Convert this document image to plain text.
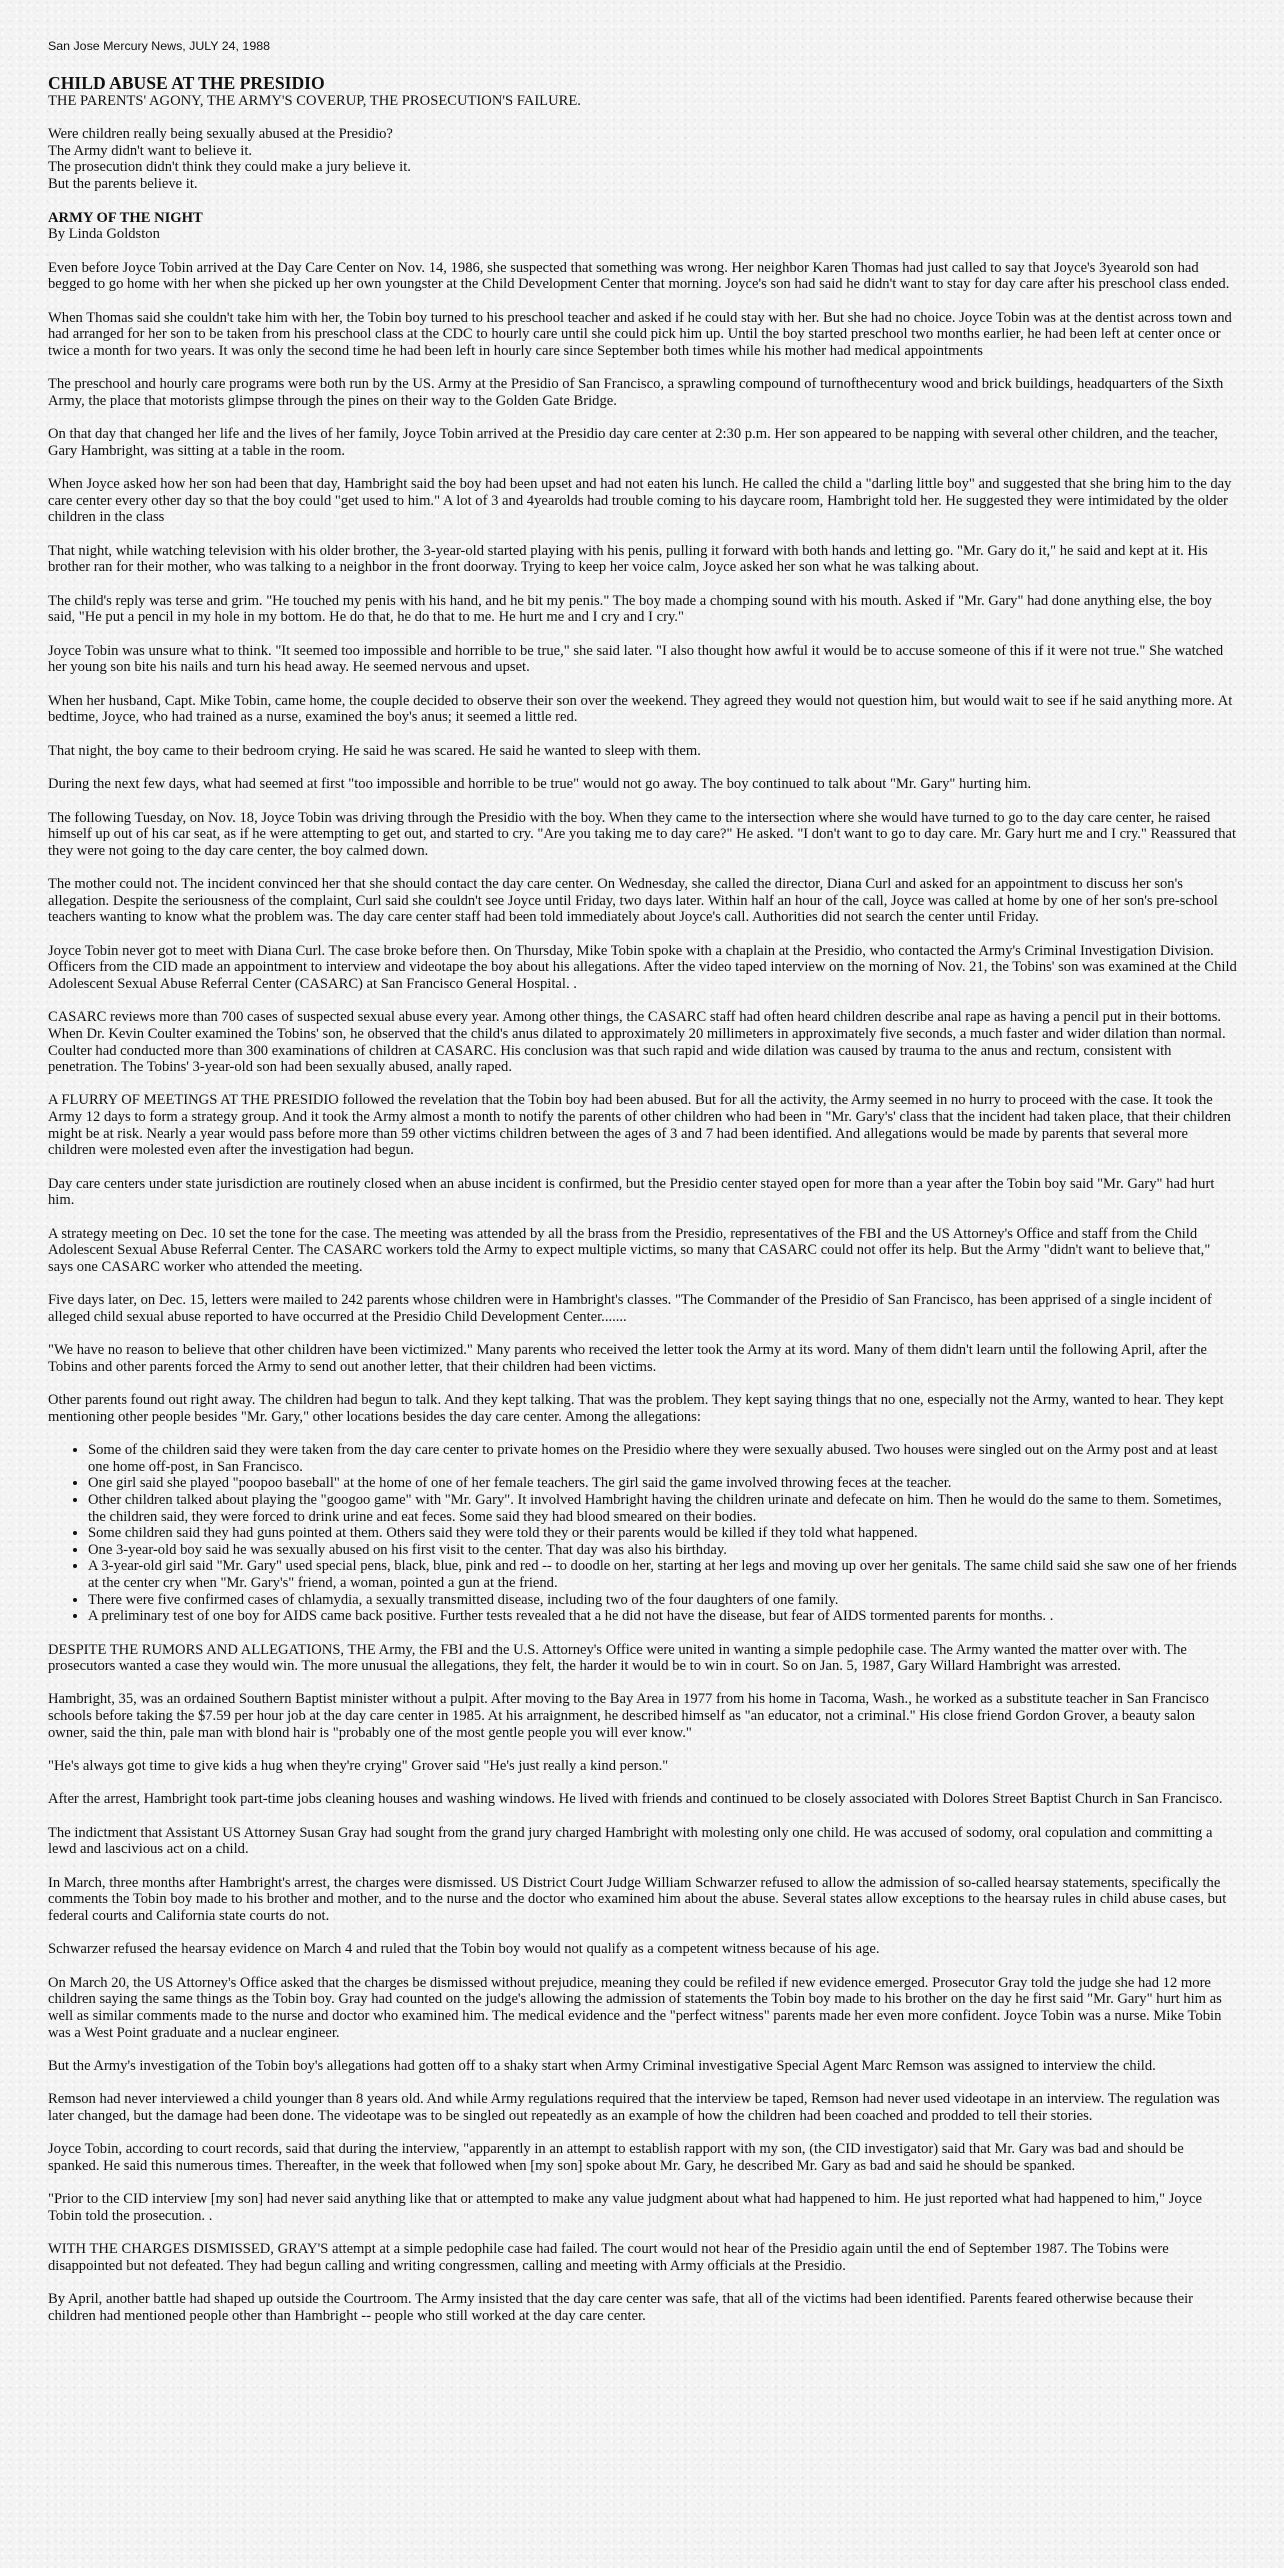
San Jose Mercury News, JULY 24, 1988
CHILD ABUSE AT THE PRESIDIO
THE PARENTS' AGONY, THE ARMY'S COVERUP, THE PROSECUTION'S FAILURE.

Were children really being sexually abused at the Presidio?

The Army didn't want to believe it.

The prosecution didn't think they could make a jury believe it.

But the parents believe it.

ARMY OF THE NIGHT
By Linda Goldston

Even before Joyce Tobin arrived at the Day Care Center on Nov. 14, 1986, she suspected that something was wrong. Her neighbor Karen Thomas had just called to say that Joyce's 3yearold son had begged to go home with her when she picked up her own youngster at the Child Development Center that morning. Joyce's son had said he didn't want to stay for day care after his preschool class ended.

When Thomas said she couldn't take him with her, the Tobin boy turned to his preschool teacher and asked if he could stay with her. But she had no choice. Joyce Tobin was at the dentist across town and had arranged for her son to be taken from his preschool class at the CDC to hourly care until she could pick him up. Until the boy started preschool two months earlier, he had been left at center once or twice a month for two years. It was only the second time he had been left in hourly care since September both times while his mother had medical appointments

The preschool and hourly care programs were both run by the US. Army at the Presidio of San Francisco, a sprawling compound of turnofthecentury wood and brick buildings, headquarters of the Sixth Army, the place that motorists glimpse through the pines on their way to the Golden Gate Bridge.

On that day that changed her life and the lives of her family, Joyce Tobin arrived at the Presidio day care center at 2:30 p.m. Her son appeared to be napping with several other children, and the teacher, Gary Hambright, was sitting at a table in the room.

When Joyce asked how her son had been that day, Hambright said the boy had been upset and had not eaten his lunch. He called the child a "darling little boy" and suggested that she bring him to the day care center every other day so that the boy could "get used to him." A lot of 3 and 4yearolds had trouble coming to his daycare room, Hambright told her. He suggested they were intimidated by the older children in the class

That night, while watching television with his older brother, the 3-year-old started playing with his penis, pulling it forward with both hands and letting go. "Mr. Gary do it," he said and kept at it. His brother ran for their mother, who was talking to a neighbor in the front doorway. Trying to keep her voice calm, Joyce asked her son what he was talking about.

The child's reply was terse and grim. "He touched my penis with his hand, and he bit my penis." The boy made a chomping sound with his mouth. Asked if "Mr. Gary" had done anything else, the boy said, "He put a pencil in my hole in my bottom. He do that, he do that to me. He hurt me and I cry and I cry."

Joyce Tobin was unsure what to think. "It seemed too impossible and horrible to be true," she said later. "I also thought how awful it would be to accuse someone of this if it were not true." She watched her young son bite his nails and turn his head away. He seemed nervous and upset.

When her husband, Capt. Mike Tobin, came home, the couple decided to observe their son over the weekend. They agreed they would not question him, but would wait to see if he said anything more. At bedtime, Joyce, who had trained as a nurse, examined the boy's anus; it seemed a little red.

That night, the boy came to their bedroom crying. He said he was scared. He said he wanted to sleep with them.

During the next few days, what had seemed at first "too impossible and horrible to be true" would not go away. The boy continued to talk about "Mr. Gary" hurting him.

The following Tuesday, on Nov. 18, Joyce Tobin was driving through the Presidio with the boy. When they came to the intersection where she would have turned to go to the day care center, he raised himself up out of his car seat, as if he were attempting to get out, and started to cry. "Are you taking me to day care?" He asked. "I don't want to go to day care. Mr. Gary hurt me and I cry." Reassured that they were not going to the day care center, the boy calmed down.

The mother could not. The incident convinced her that she should contact the day care center. On Wednesday, she called the director, Diana Curl and asked for an appointment to discuss her son's allegation. Despite the seriousness of the complaint, Curl said she couldn't see Joyce until Friday, two days later. Within half an hour of the call, Joyce was called at home by one of her son's pre-school teachers wanting to know what the problem was. The day care center staff had been told immediately about Joyce's call. Authorities did not search the center until Friday.

Joyce Tobin never got to meet with Diana Curl. The case broke before then. On Thursday, Mike Tobin spoke with a chaplain at the Presidio, who contacted the Army's Criminal Investigation Division. Officers from the CID made an appointment to interview and videotape the boy about his allegations. After the video taped interview on the morning of Nov. 21, the Tobins' son was examined at the Child Adolescent Sexual Abuse Referral Center (CASARC) at San Francisco General Hospital. .

CASARC reviews more than 700 cases of suspected sexual abuse every year. Among other things, the CASARC staff had often heard children describe anal rape as having a pencil put in their bottoms. When Dr. Kevin Coulter examined the Tobins' son, he observed that the child's anus dilated to approximately 20 millimeters in approximately five seconds, a much faster and wider dilation than normal. Coulter had conducted more than 300 examinations of children at CASARC. His conclusion was that such rapid and wide dilation was caused by trauma to the anus and rectum, consistent with penetration. The Tobins' 3-year-old son had been sexually abused, anally raped.

A FLURRY OF MEETINGS AT THE PRESIDIO followed the revelation that the Tobin boy had been abused. But for all the activity, the Army seemed in no hurry to proceed with the case. It took the Army 12 days to form a strategy group. And it took the Army almost a month to notify the parents of other children who had been in "Mr. Gary's' class that the incident had taken place, that their children might be at risk. Nearly a year would pass before more than 59 other victims children between the ages of 3 and 7 had been identified. And allegations would be made by parents that several more children were molested even after the investigation had begun.

Day care centers under state jurisdiction are routinely closed when an abuse incident is confirmed, but the Presidio center stayed open for more than a year after the Tobin boy said "Mr. Gary" had hurt him.

A strategy meeting on Dec. 10 set the tone for the case. The meeting was attended by all the brass from the Presidio, representatives of the FBI and the US Attorney's Office and staff from the Child Adolescent Sexual Abuse Referral Center. The CASARC workers told the Army to expect multiple victims, so many that CASARC could not offer its help. But the Army "didn't want to believe that," says one CASARC worker who attended the meeting.

Five days later, on Dec. 15, letters were mailed to 242 parents whose children were in Hambright's classes. "The Commander of the Presidio of San Francisco, has been apprised of a single incident of alleged child sexual abuse reported to have occurred at the Presidio Child Development Center.......

"We have no reason to believe that other children have been victimized." Many parents who received the letter took the Army at its word. Many of them didn't learn until the following April, after the Tobins and other parents forced the Army to send out another letter, that their children had been victims.

Other parents found out right away. The children had begun to talk. And they kept talking. That was the problem. They kept saying things that no one, especially not the Army, wanted to hear. They kept mentioning other people besides "Mr. Gary," other locations besides the day care center. Among the allegations:

• Some of the children said they were taken from the day care center to private homes on the Presidio where they were sexually abused. Two houses were singled out on the Army post and at least one home off-post, in San Francisco.
• One girl said she played "poopoo baseball" at the home of one of her female teachers. The girl said the game involved throwing feces at the teacher.
• Other children talked about playing the "googoo game" with "Mr. Gary". It involved Hambright having the children urinate and defecate on him. Then he would do the same to them. Sometimes, the children said, they were forced to drink urine and eat feces. Some said they had blood smeared on their bodies.
• Some children said they had guns pointed at them. Others said they were told they or their parents would be killed if they told what happened.
• One 3-year-old boy said he was sexually abused on his first visit to the center. That day was also his birthday.
• A 3-year-old girl said "Mr. Gary" used special pens, black, blue, pink and red -- to doodle on her, starting at her legs and moving up over her genitals. The same child said she saw one of her friends at the center cry when "Mr. Gary's" friend, a woman, pointed a gun at the friend.
• There were five confirmed cases of chlamydia, a sexually transmitted disease, including two of the four daughters of one family.
• A preliminary test of one boy for AIDS came back positive. Further tests revealed that a he did not have the disease, but fear of AIDS tormented parents for months. .

DESPITE THE RUMORS AND ALLEGATIONS, THE Army, the FBI and the U.S. Attorney's Office were united in wanting a simple pedophile case. The Army wanted the matter over with. The prosecutors wanted a case they would win. The more unusual the allegations, they felt, the harder it would be to win in court. So on Jan. 5, 1987, Gary Willard Hambright was arrested.

Hambright, 35, was an ordained Southern Baptist minister without a pulpit. After moving to the Bay Area in 1977 from his home in Tacoma, Wash., he worked as a substitute teacher in San Francisco schools before taking the $7.59 per hour job at the day care center in 1985. At his arraignment, he described himself as "an educator, not a criminal." His close friend Gordon Grover, a beauty salon owner, said the thin, pale man with blond hair is "probably one of the most gentle people you will ever know."

"He's always got time to give kids a hug when they're crying" Grover said "He's just really a kind person."

After the arrest, Hambright took part-time jobs cleaning houses and washing windows. He lived with friends and continued to be closely associated with Dolores Street Baptist Church in San Francisco.

The indictment that Assistant US Attorney Susan Gray had sought from the grand jury charged Hambright with molesting only one child. He was accused of sodomy, oral copulation and committing a lewd and lascivious act on a child.

In March, three months after Hambright's arrest, the charges were dismissed. US District Court Judge William Schwarzer refused to allow the admission of so-called hearsay statements, specifically the comments the Tobin boy made to his brother and mother, and to the nurse and the doctor who examined him about the abuse. Several states allow exceptions to the hearsay rules in child abuse cases, but federal courts and California state courts do not.

Schwarzer refused the hearsay evidence on March 4 and ruled that the Tobin boy would not qualify as a competent witness because of his age.

On March 20, the US Attorney's Office asked that the charges be dismissed without prejudice, meaning they could be refiled if new evidence emerged. Prosecutor Gray told the judge she had 12 more children saying the same things as the Tobin boy. Gray had counted on the judge's allowing the admission of statements the Tobin boy made to his brother on the day he first said "Mr. Gary" hurt him as well as similar comments made to the nurse and doctor who examined him. The medical evidence and the "perfect witness" parents made her even more confident. Joyce Tobin was a nurse. Mike Tobin was a West Point graduate and a nuclear engineer.

But the Army's investigation of the Tobin boy's allegations had gotten off to a shaky start when Army Criminal investigative Special Agent Marc Remson was assigned to interview the child.

Remson had never interviewed a child younger than 8 years old. And while Army regulations required that the interview be taped, Remson had never used videotape in an interview. The regulation was later changed, but the damage had been done. The videotape was to be singled out repeatedly as an example of how the children had been coached and prodded to tell their stories.

Joyce Tobin, according to court records, said that during the interview, "apparently in an attempt to establish rapport with my son, (the CID investigator) said that Mr. Gary was bad and should be spanked. He said this numerous times. Thereafter, in the week that followed when [my son] spoke about Mr. Gary, he described Mr. Gary as bad and said he should be spanked.

"Prior to the CID interview [my son] had never said anything like that or attempted to make any value judgment about what had happened to him. He just reported what had happened to him," Joyce Tobin told the prosecution. .

WITH THE CHARGES DISMISSED, GRAY'S attempt at a simple pedophile case had failed. The court would not hear of the Presidio again until the end of September 1987. The Tobins were disappointed but not defeated. They had begun calling and writing congressmen, calling and meeting with Army officials at the Presidio.

By April, another battle had shaped up outside the Courtroom. The Army insisted that the day care center was safe, that all of the victims had been identified. Parents feared otherwise because their children had mentioned people other than Hambright -- people who still worked at the day care center.
